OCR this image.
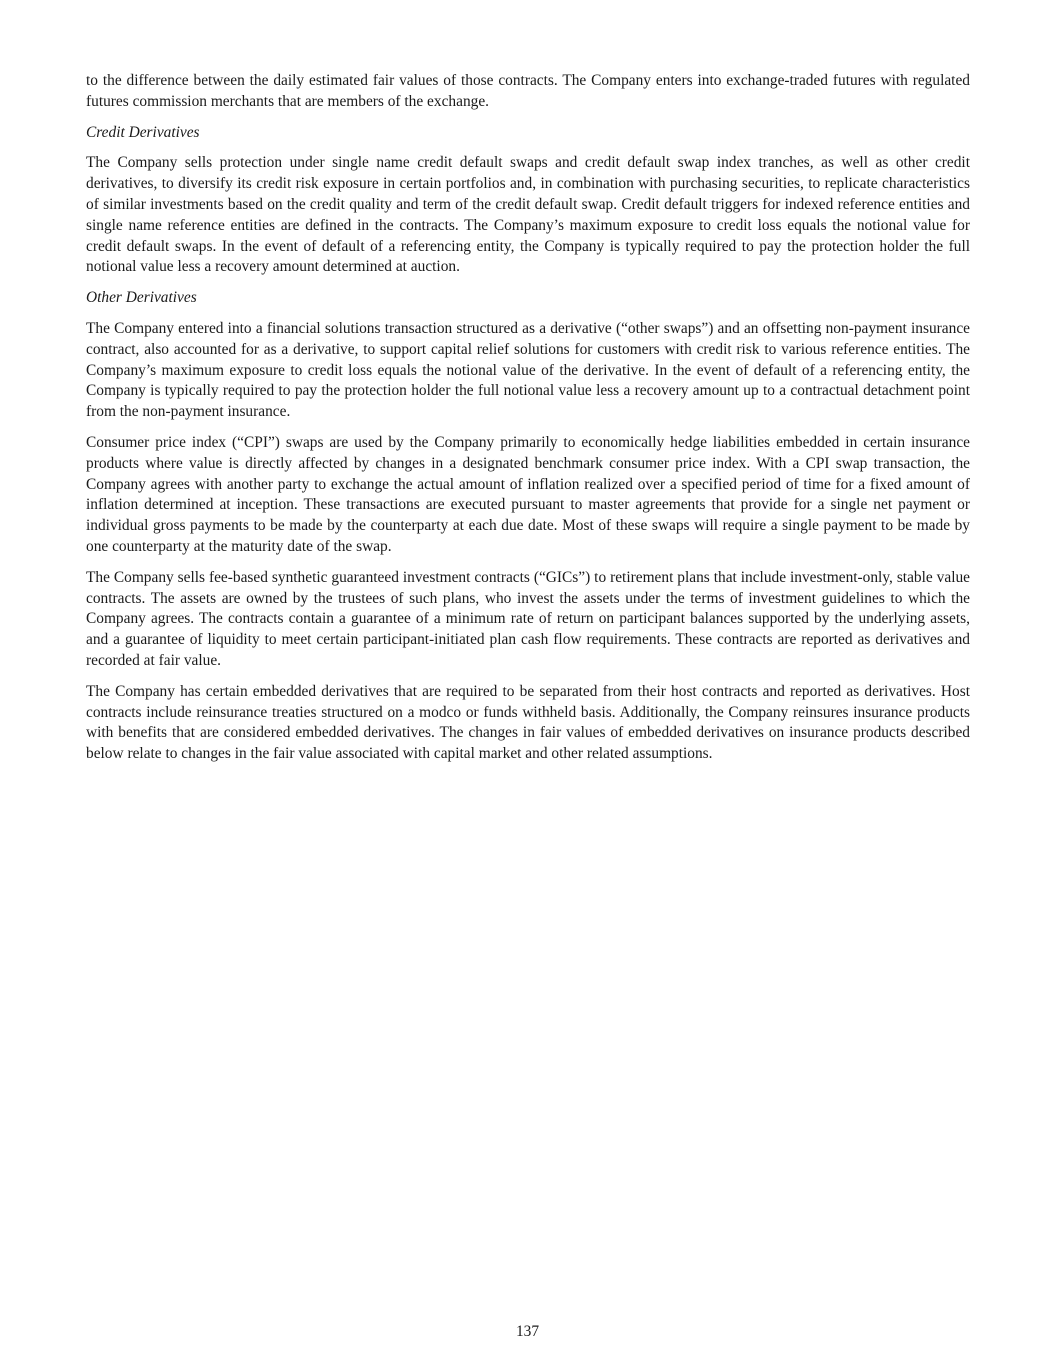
to the difference between the daily estimated fair values of those contracts. The Company enters into exchange-traded futures with regulated futures commission merchants that are members of the exchange.

Credit Derivatives

The Company sells protection under single name credit default swaps and credit default swap index tranches, as well as other credit derivatives, to diversify its credit risk exposure in certain portfolios and, in combination with purchasing securities, to replicate characteristics of similar investments based on the credit quality and term of the credit default swap. Credit default triggers for indexed reference entities and single name reference entities are defined in the contracts. The Company’s maximum exposure to credit loss equals the notional value for credit default swaps. In the event of default of a referencing entity, the Company is typically required to pay the protection holder the full notional value less a recovery amount determined at auction.

Other Derivatives

The Company entered into a financial solutions transaction structured as a derivative (“other swaps”) and an offsetting non-payment insurance contract, also accounted for as a derivative, to support capital relief solutions for customers with credit risk to various reference entities. The Company’s maximum exposure to credit loss equals the notional value of the derivative. In the event of default of a referencing entity, the Company is typically required to pay the protection holder the full notional value less a recovery amount up to a contractual detachment point from the non-payment insurance.

Consumer price index (“CPI”) swaps are used by the Company primarily to economically hedge liabilities embedded in certain insurance products where value is directly affected by changes in a designated benchmark consumer price index. With a CPI swap transaction, the Company agrees with another party to exchange the actual amount of inflation realized over a specified period of time for a fixed amount of inflation determined at inception. These transactions are executed pursuant to master agreements that provide for a single net payment or individual gross payments to be made by the counterparty at each due date. Most of these swaps will require a single payment to be made by one counterparty at the maturity date of the swap.

The Company sells fee-based synthetic guaranteed investment contracts (“GICs”) to retirement plans that include investment-only, stable value contracts. The assets are owned by the trustees of such plans, who invest the assets under the terms of investment guidelines to which the Company agrees. The contracts contain a guarantee of a minimum rate of return on participant balances supported by the underlying assets, and a guarantee of liquidity to meet certain participant-initiated plan cash flow requirements. These contracts are reported as derivatives and recorded at fair value.

The Company has certain embedded derivatives that are required to be separated from their host contracts and reported as derivatives. Host contracts include reinsurance treaties structured on a modco or funds withheld basis. Additionally, the Company reinsures insurance products with benefits that are considered embedded derivatives. The changes in fair values of embedded derivatives on insurance products described below relate to changes in the fair value associated with capital market and other related assumptions.

137
